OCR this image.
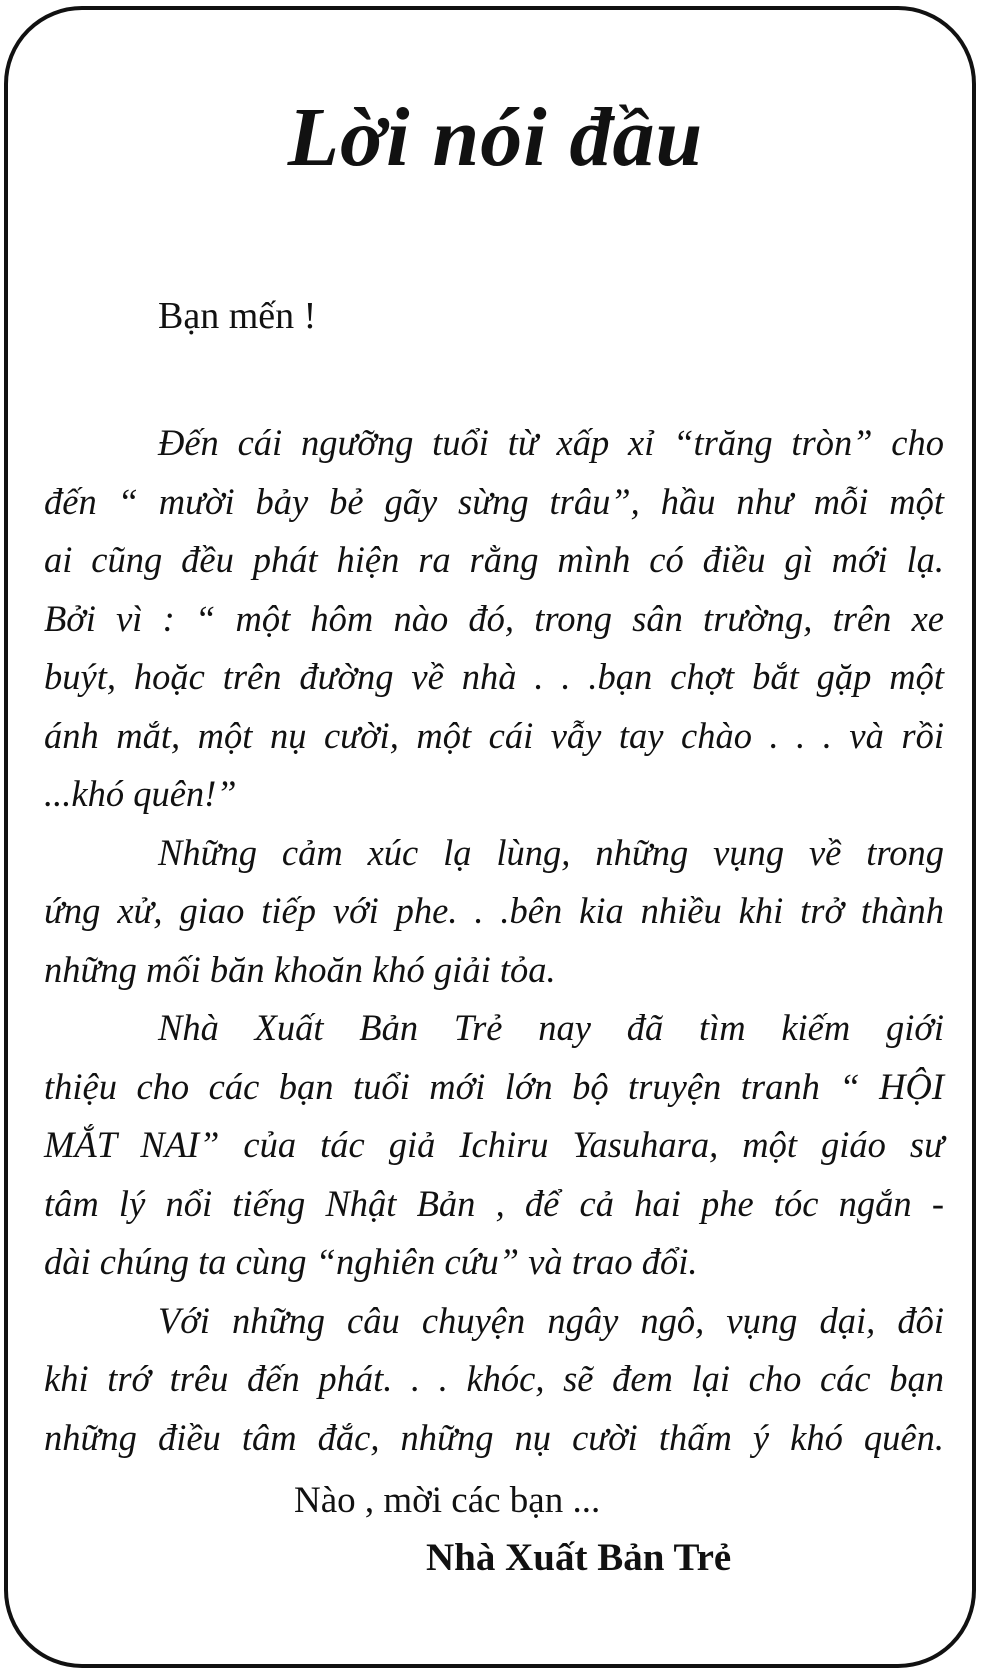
Lời nói đầu
Bạn mến !
Đến cái ngưỡng tuổi từ xấp xỉ “trăng tròn” cho
đến “ mười bảy bẻ gãy sừng trâu”, hầu như mỗi một
ai cũng đều phát hiện ra rằng mình có điều gì mới lạ.
Bởi vì : “ một hôm nào đó, trong sân trường, trên xe
buýt, hoặc trên đường về nhà . . .bạn chợt bắt gặp một
ánh mắt, một nụ cười, một cái vẫy tay chào . . . và rồi
...khó quên!”
Những cảm xúc lạ lùng, những vụng về trong
ứng xử, giao tiếp với phe. . .bên kia nhiều khi trở thành
những mối băn khoăn khó giải tỏa.
Nhà Xuất Bản Trẻ nay đã tìm kiếm giới
thiệu cho các bạn tuổi mới lớn bộ truyện tranh “ HỘI
MẮT NAI” của tác giả Ichiru Yasuhara, một giáo sư
tâm lý nổi tiếng Nhật Bản , để cả hai phe tóc ngắn -
dài chúng ta cùng “nghiên cứu” và trao đổi.
Với những câu chuyện ngây ngô, vụng dại, đôi
khi trớ trêu đến phát. . . khóc, sẽ đem lại cho các bạn
những điều tâm đắc, những nụ cười thấm ý khó quên.
Nào , mời các bạn ...
Nhà Xuất Bản Trẻ
